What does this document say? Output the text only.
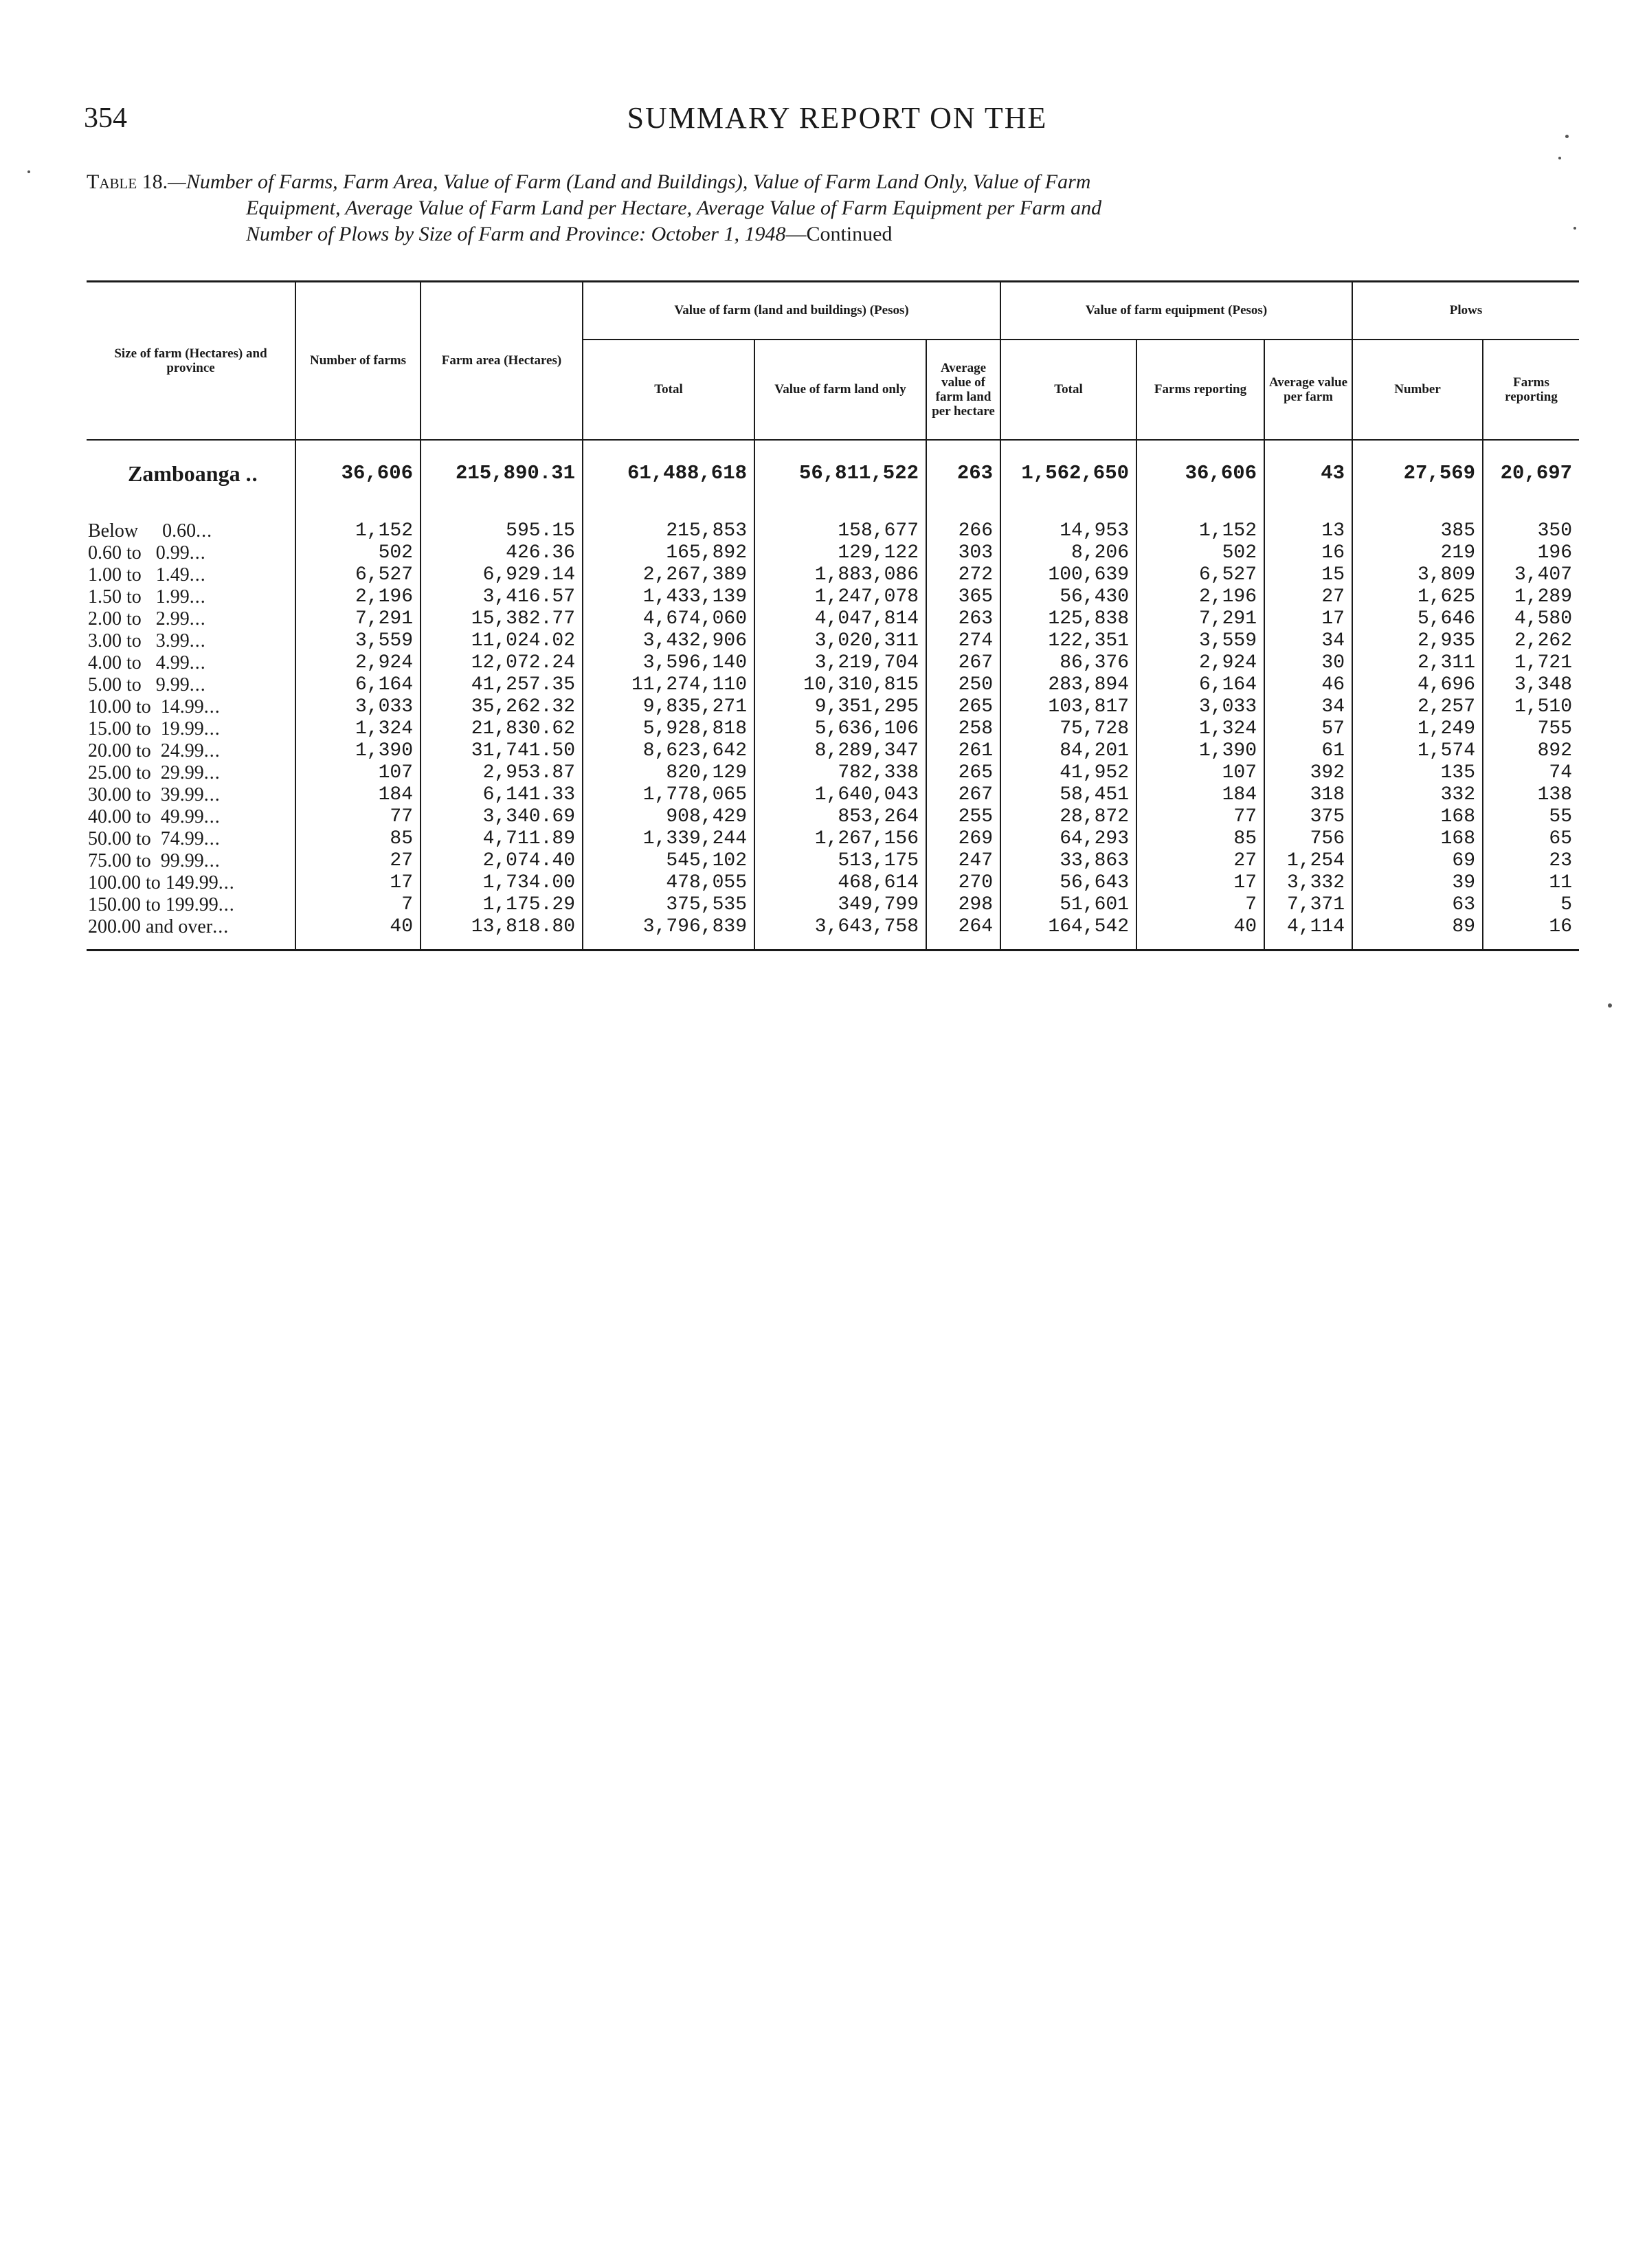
354	SUMMARY REPORT ON THE
Table 18.—Number of Farms, Farm Area, Value of Farm (Land and Buildings), Value of Farm Land Only, Value of Farm
Equipment, Average Value of Farm Land per Hectare, Average Value of Farm Equipment per Farm and
Number of Plows by Size of Farm and Province: October 1, 1948—Continued
Size of farm (Hectares) and province	Number of farms	Farm area (Hectares)	Value of farm (land and buildings) (Pesos)			Value of farm equipment (Pesos)			Plows	
			Total	Value of farm land only	Average value of farm land per hectare	Total	Farms reporting	Average value per farm	Number	Farms reporting
Zamboanga ..	36,606	215,890.31	61,488,618	56,811,522	263	1,562,650	36,606	43	27,569	20,697
Below     0.60...	1,152	595.15	215,853	158,677	266	14,953	1,152	13	385	350
0.60 to   0.99...	502	426.36	165,892	129,122	303	8,206	502	16	219	196
1.00 to   1.49...	6,527	6,929.14	2,267,389	1,883,086	272	100,639	6,527	15	3,809	3,407
1.50 to   1.99...	2,196	3,416.57	1,433,139	1,247,078	365	56,430	2,196	27	1,625	1,289
2.00 to   2.99...	7,291	15,382.77	4,674,060	4,047,814	263	125,838	7,291	17	5,646	4,580
3.00 to   3.99...	3,559	11,024.02	3,432,906	3,020,311	274	122,351	3,559	34	2,935	2,262
4.00 to   4.99...	2,924	12,072.24	3,596,140	3,219,704	267	86,376	2,924	30	2,311	1,721
5.00 to   9.99...	6,164	41,257.35	11,274,110	10,310,815	250	283,894	6,164	46	4,696	3,348
10.00 to  14.99...	3,033	35,262.32	9,835,271	9,351,295	265	103,817	3,033	34	2,257	1,510
15.00 to  19.99...	1,324	21,830.62	5,928,818	5,636,106	258	75,728	1,324	57	1,249	755
20.00 to  24.99...	1,390	31,741.50	8,623,642	8,289,347	261	84,201	1,390	61	1,574	892
25.00 to  29.99...	107	2,953.87	820,129	782,338	265	41,952	107	392	135	74
30.00 to  39.99...	184	6,141.33	1,778,065	1,640,043	267	58,451	184	318	332	138
40.00 to  49.99...	77	3,340.69	908,429	853,264	255	28,872	77	375	168	55
50.00 to  74.99...	85	4,711.89	1,339,244	1,267,156	269	64,293	85	756	168	65
75.00 to  99.99...	27	2,074.40	545,102	513,175	247	33,863	27	1,254	69	23
100.00 to 149.99...	17	1,734.00	478,055	468,614	270	56,643	17	3,332	39	11
150.00 to 199.99...	7	1,175.29	375,535	349,799	298	51,601	7	7,371	63	5
200.00 and over...	40	13,818.80	3,796,839	3,643,758	264	164,542	40	4,114	89	16
